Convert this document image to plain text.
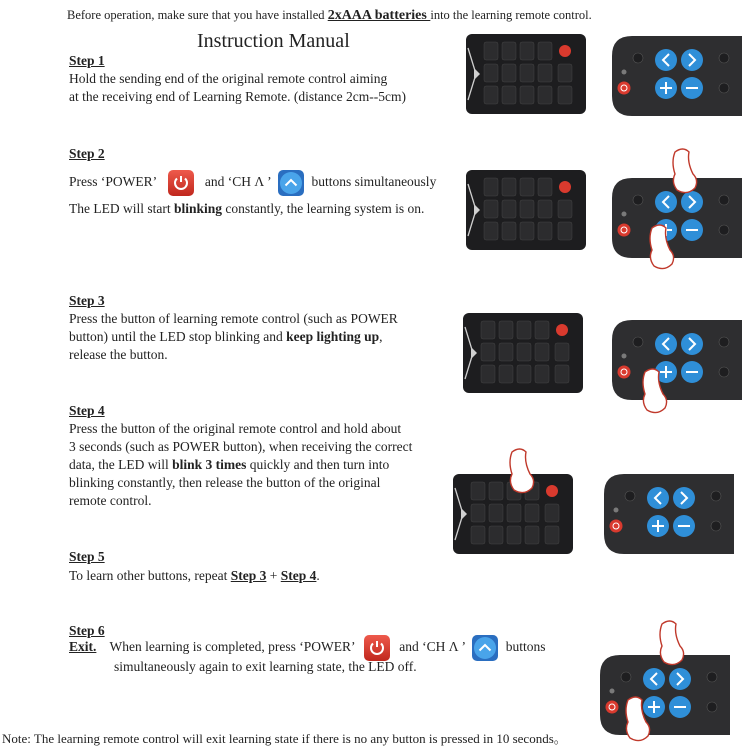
Before operation, make sure that you have installed 2xAAA batteries into the learning remote control.
Instruction Manual
Step 1
Hold the sending end of the original remote control aiming
at the receiving end of Learning Remote. (distance 2cm--5cm)
Step 2
Press ‘POWER’	and ‘CH Λ ’	buttons simultaneously
The LED will start blinking constantly, the learning system is on.
Step 3
Press the button of learning remote control (such as POWER
button) until the LED stop blinking and keep lighting up,
release the button.
Step 4
Press the button of the original remote control and hold about
3 seconds (such as POWER button), when receiving the correct
data, the LED will blink 3 times quickly and then turn into
blinking constantly, then release the button of the original
remote control.
Step 5
To learn other buttons, repeat Step 3 + Step 4.
Step 6
Exit. When learning is completed, press ‘POWER’	and ‘CH Λ ’	buttons
simultaneously again to exit learning state, the LED off.
Note: The learning remote control will exit learning state if there is no any button is pressed in 10 seconds。
